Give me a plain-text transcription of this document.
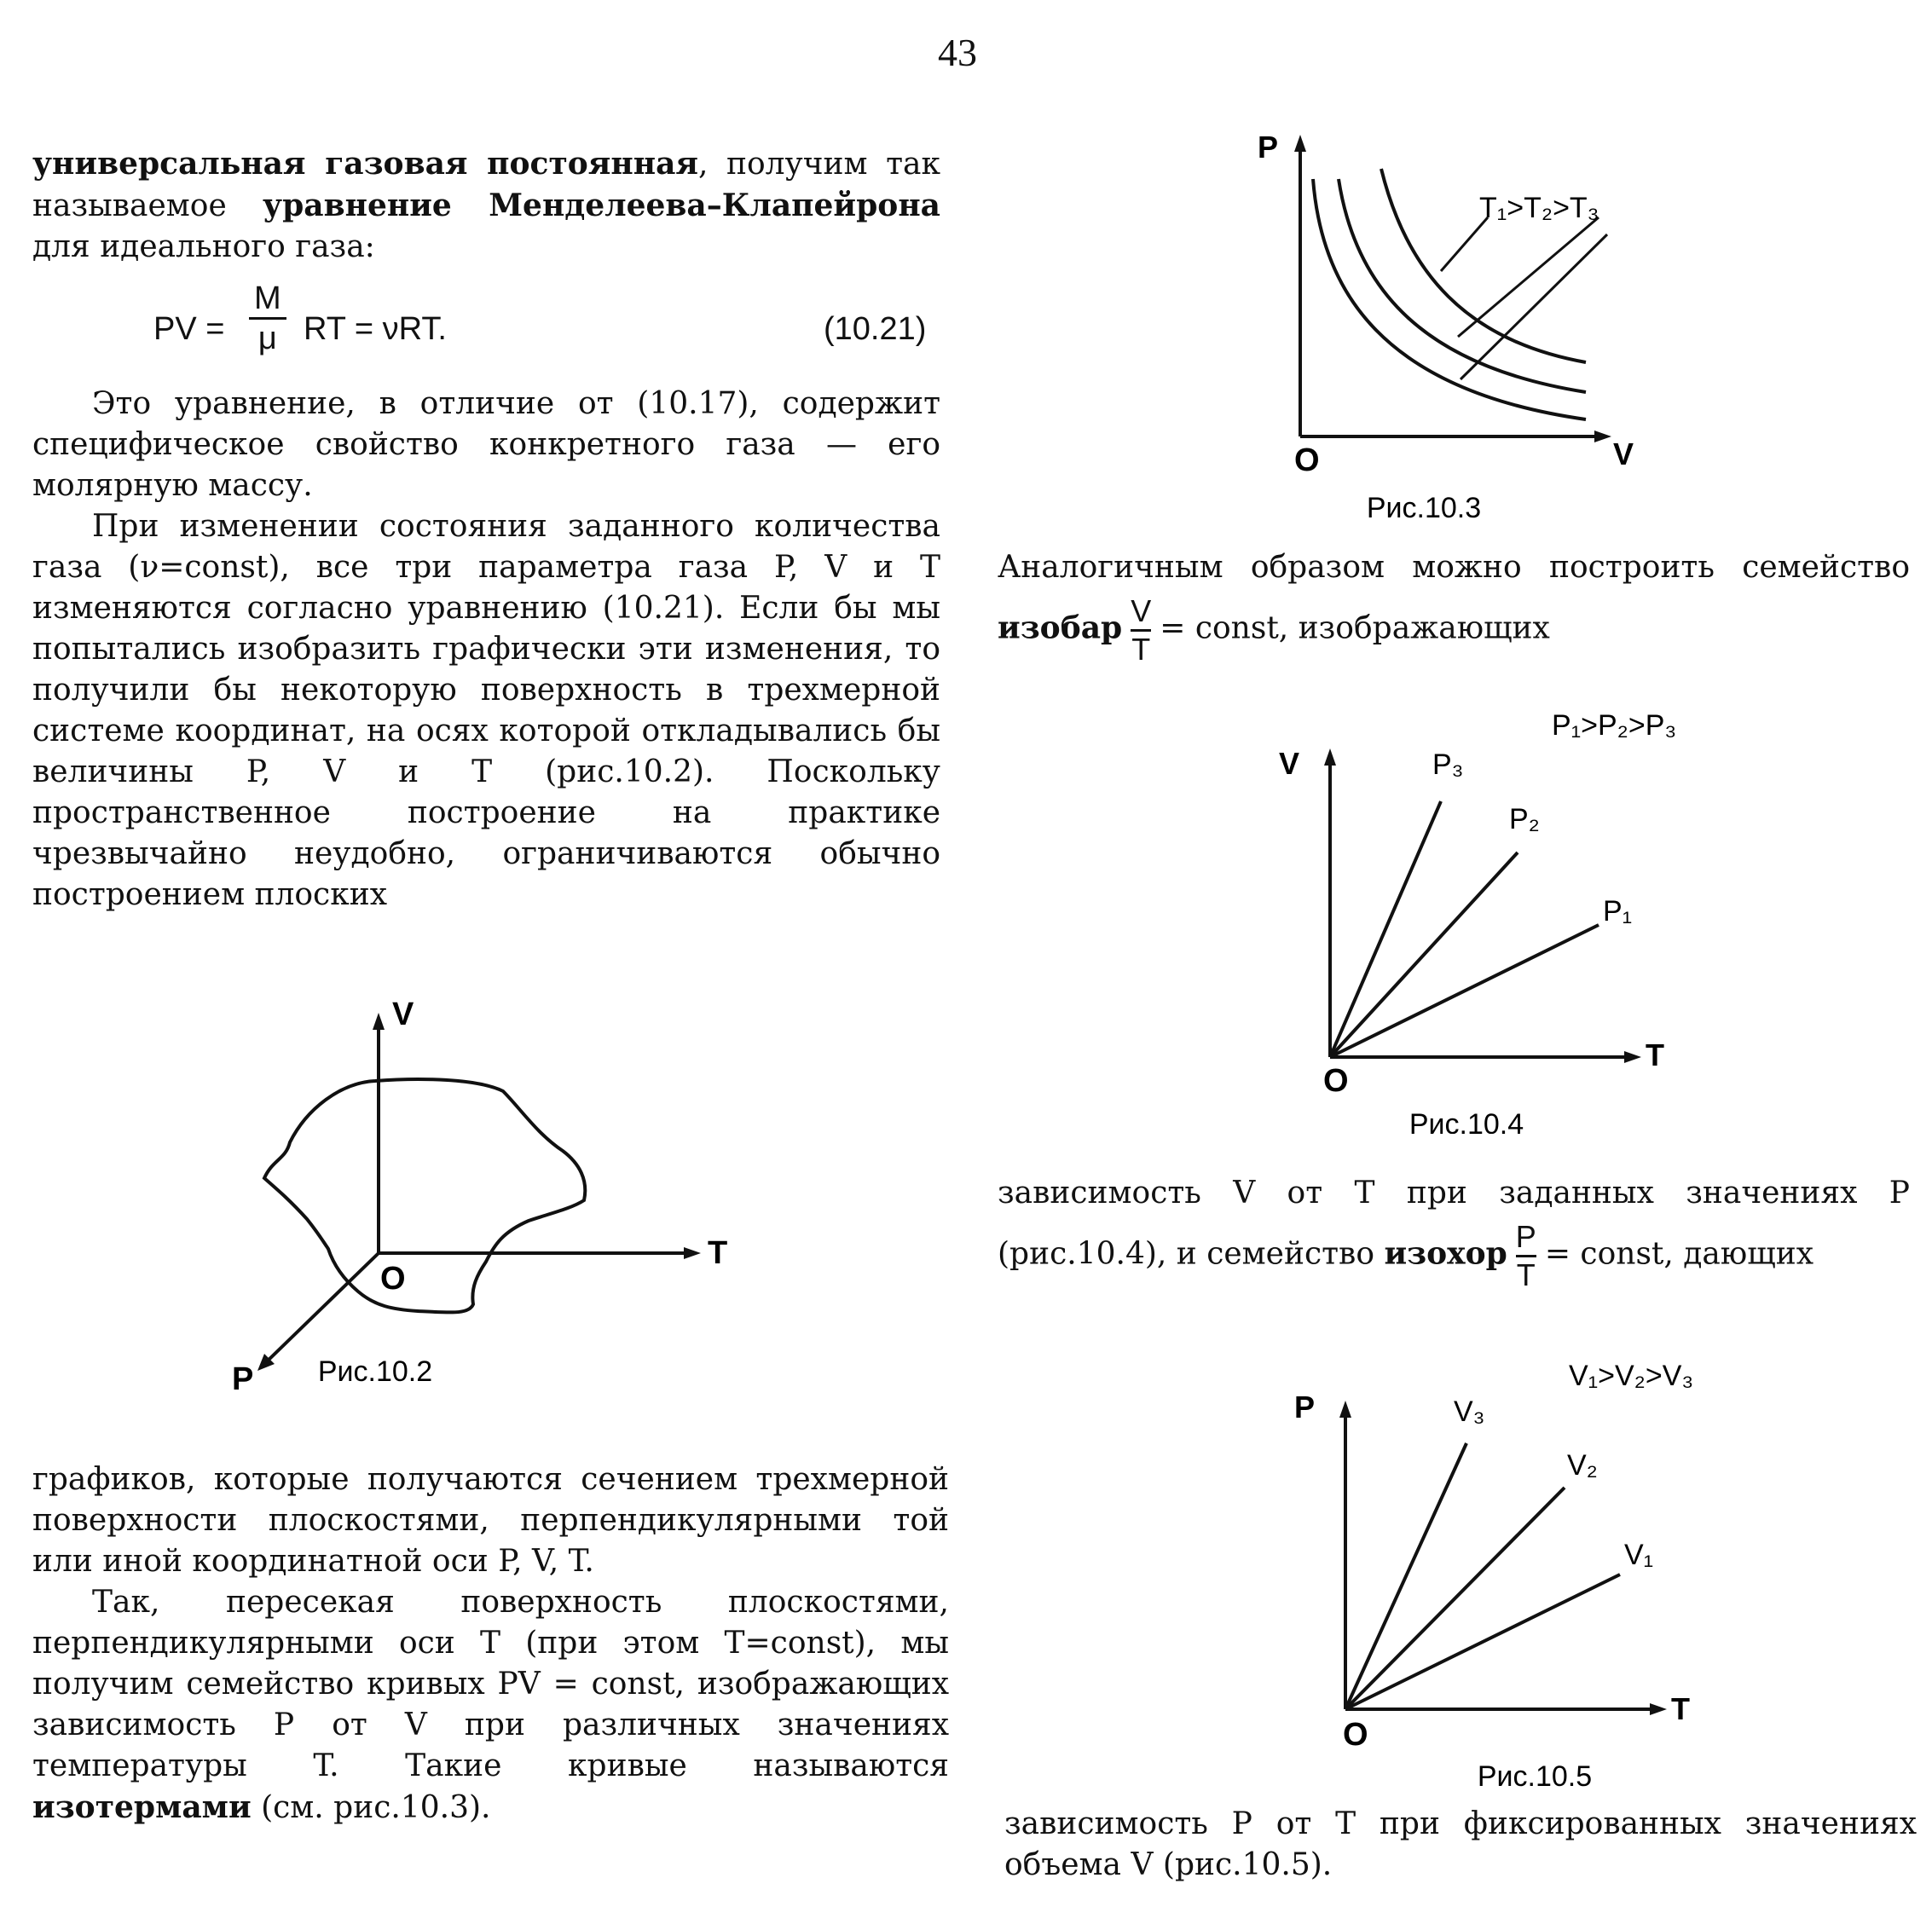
43

универсальная газовая постоянная, получим так называемое уравнение Менделеева–Клапейрона для идеального газа:

PV = $\frac{M}{\mu}$ RT = νRT.	(10.21)

Это уравнение, в отличие от (10.17), содержит специфическое свойство конкретного газа — его молярную массу.

При изменении состояния заданного количества газа (ν=const), все три параметра газа P, V и T изменяются согласно уравнению (10.21). Если бы мы попытались изобразить графически эти изменения, то получили бы некоторую поверхность в трехмерной системе координат, на осях которой откладывались бы величины P, V и T (рис.10.2). Поскольку пространственное построение на практике чрезвычайно неудобно, ограничиваются обычно построением плоских

V
T
P
O
Рис.10.2

графиков, которые получаются сечением трехмерной поверхности плоскостями, перпендикулярными той или иной координатной оси P, V, T.

Так, пересекая поверхность плоскостями, перпендикулярными оси T (при этом T=const), мы получим семейство кривых PV = const, изображающих зависимость P от V при различных значениях температуры T. Такие кривые называются изотермами (см. рис.10.3).

P
V
O
T₁>T₂>T₃
Рис.10.3

Аналогичным образом можно построить семейство изобар $\frac{V}{T}$ = const, изображающих

V
T
O
P₁>P₂>P₃
P₃
P₂
P₁
Рис.10.4

зависимость V от T при заданных значениях P (рис.10.4), и семейство изохор $\frac{P}{T}$ = const, дающих

P
T
O
V₁>V₂>V₃
V₃
V₂
V₁
Рис.10.5
зависимость P от T при фиксированных значениях объема V (рис.10.5).
